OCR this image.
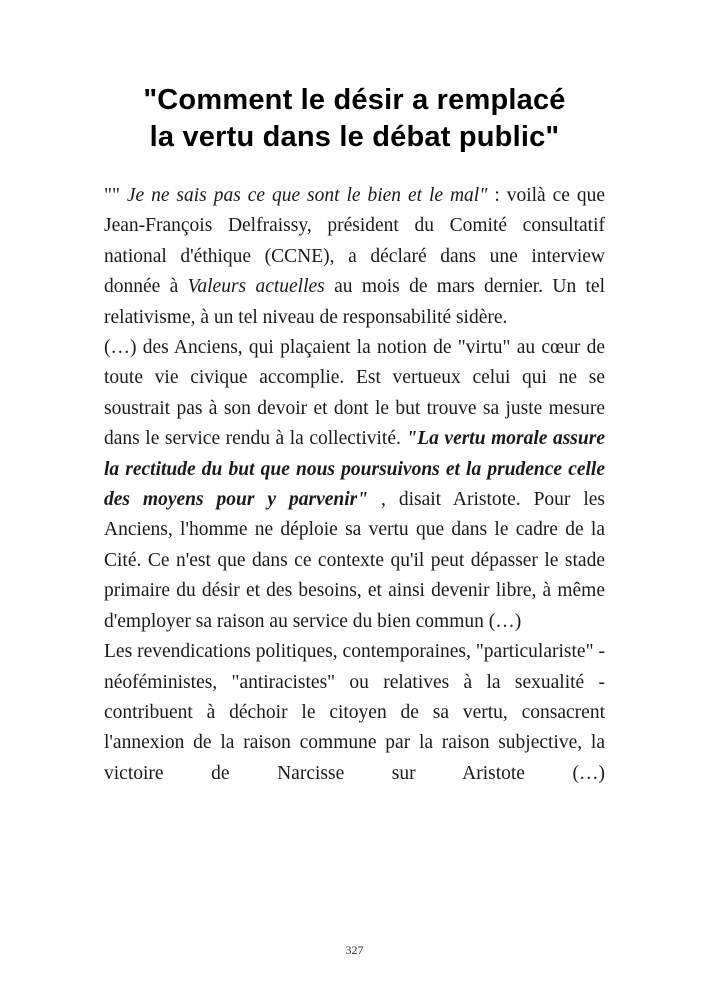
"Comment le désir a remplacé
la vertu dans le débat public"

"" Je ne sais pas ce que sont le bien et le mal" : voilà ce que Jean-François Delfraissy, président du Comité consultatif national d'éthique (CCNE), a déclaré dans une interview donnée à Valeurs actuelles au mois de mars dernier. Un tel relativisme, à un tel niveau de responsabilité sidère.

(…) des Anciens, qui plaçaient la notion de "virtu" au cœur de toute vie civique accomplie. Est vertueux celui qui ne se soustrait pas à son devoir et dont le but trouve sa juste mesure dans le service rendu à la collectivité. "La vertu morale assure la rectitude du but que nous poursuivons et la prudence celle des moyens pour y parvenir" , disait Aristote. Pour les Anciens, l'homme ne déploie sa vertu que dans le cadre de la Cité. Ce n'est que dans ce contexte qu'il peut dépasser le stade primaire du désir et des besoins, et ainsi devenir libre, à même d'employer sa raison au service du bien commun (…)

Les revendications politiques, contemporaines, "particulariste" - néoféministes, "antiracistes" ou relatives à la sexualité - contribuent à déchoir le citoyen de sa vertu, consacrent l'annexion de la raison commune par la raison subjective, la victoire de Narcisse sur Aristote (…)

327
